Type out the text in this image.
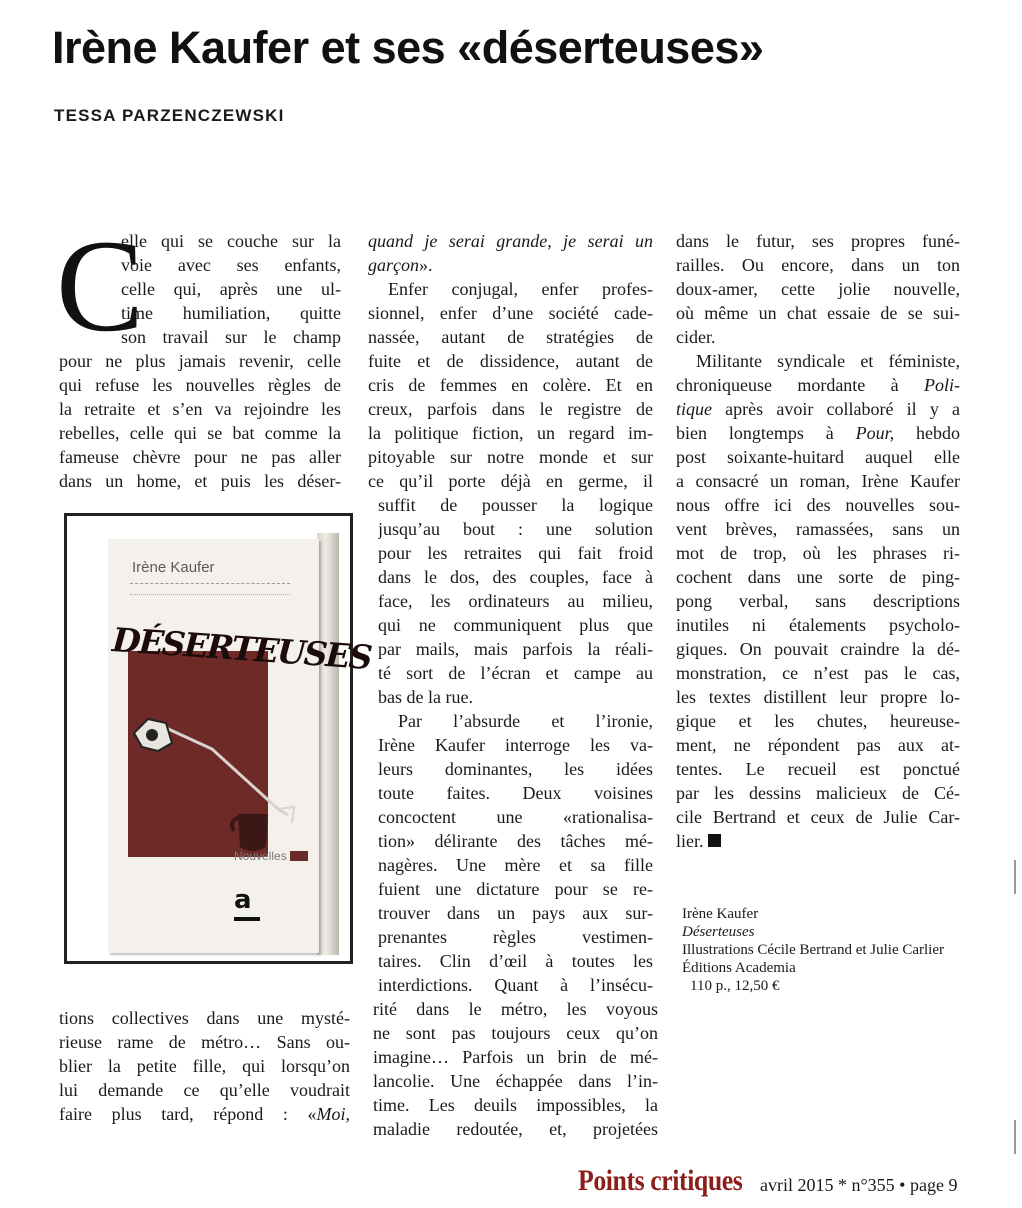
Irène Kaufer et ses «déserteuses»
TESSA PARZENCZEWSKI
C
elle qui se couche sur la
voie avec ses enfants,
celle qui, après une ul-
time humiliation, quitte
son travail sur le champ
pour ne plus jamais revenir, celle
qui refuse les nouvelles règles de
la retraite et s’en va rejoindre les
rebelles, celle qui se bat comme la
fameuse chèvre pour ne pas aller
dans un home, et puis les déser-
Irène Kaufer
DÉSERTEUSES
Nouvelles
a
tions collectives dans une mysté-
rieuse rame de métro… Sans ou-
blier la petite fille, qui lorsqu’on
lui demande ce qu’elle voudrait
faire plus tard, répond : «Moi,
quand je serai grande, je serai un
garçon».
Enfer conjugal, enfer profes-
sionnel, enfer d’une société cade-
nassée, autant de stratégies de
fuite et de dissidence, autant de
cris de femmes en colère. Et en
creux, parfois dans le registre de
la politique fiction, un regard im-
pitoyable sur notre monde et sur
ce qu’il porte déjà en germe, il
suffit de pousser la logique
jusqu’au bout : une solution
pour les retraites qui fait froid
dans le dos, des couples, face à
face, les ordinateurs au milieu,
qui ne communiquent plus que
par mails, mais parfois la réali-
té sort de l’écran et campe au
bas de la rue.
Par l’absurde et l’ironie,
Irène Kaufer interroge les va-
leurs dominantes, les idées
toute faites. Deux voisines
concoctent une «rationalisa-
tion» délirante des tâches mé-
nagères. Une mère et sa fille
fuient une dictature pour se re-
trouver dans un pays aux sur-
prenantes règles vestimen-
taires. Clin d’œil à toutes les
interdictions. Quant à l’insécu-
rité dans le métro, les voyous
ne sont pas toujours ceux qu’on
imagine… Parfois un brin de mé-
lancolie. Une échappée dans l’in-
time. Les deuils impossibles, la
maladie redoutée, et, projetées
dans le futur, ses propres funé-
railles. Ou encore, dans un ton
doux-amer, cette jolie nouvelle,
où même un chat essaie de se sui-
cider.
Militante syndicale et féministe,
chroniqueuse mordante à Poli-
tique après avoir collaboré il y a
bien longtemps à Pour, hebdo
post soixante-huitard auquel elle
a consacré un roman, Irène Kaufer
nous offre ici des nouvelles sou-
vent brèves, ramassées, sans un
mot de trop, où les phrases ri-
cochent dans une sorte de ping-
pong verbal, sans descriptions
inutiles ni étalements psycholo-
giques. On pouvait craindre la dé-
monstration, ce n’est pas le cas,
les textes distillent leur propre lo-
gique et les chutes, heureuse-
ment, ne répondent pas aux at-
tentes. Le recueil est ponctué
par les dessins malicieux de Cé-
cile Bertrand et ceux de Julie Car-
lier.
Irène Kaufer
Déserteuses
Illustrations Cécile Bertrand et Julie Carlier
Éditions Academia
110 p., 12,50 €
Points critiques avril 2015 * n°355 • page 9
